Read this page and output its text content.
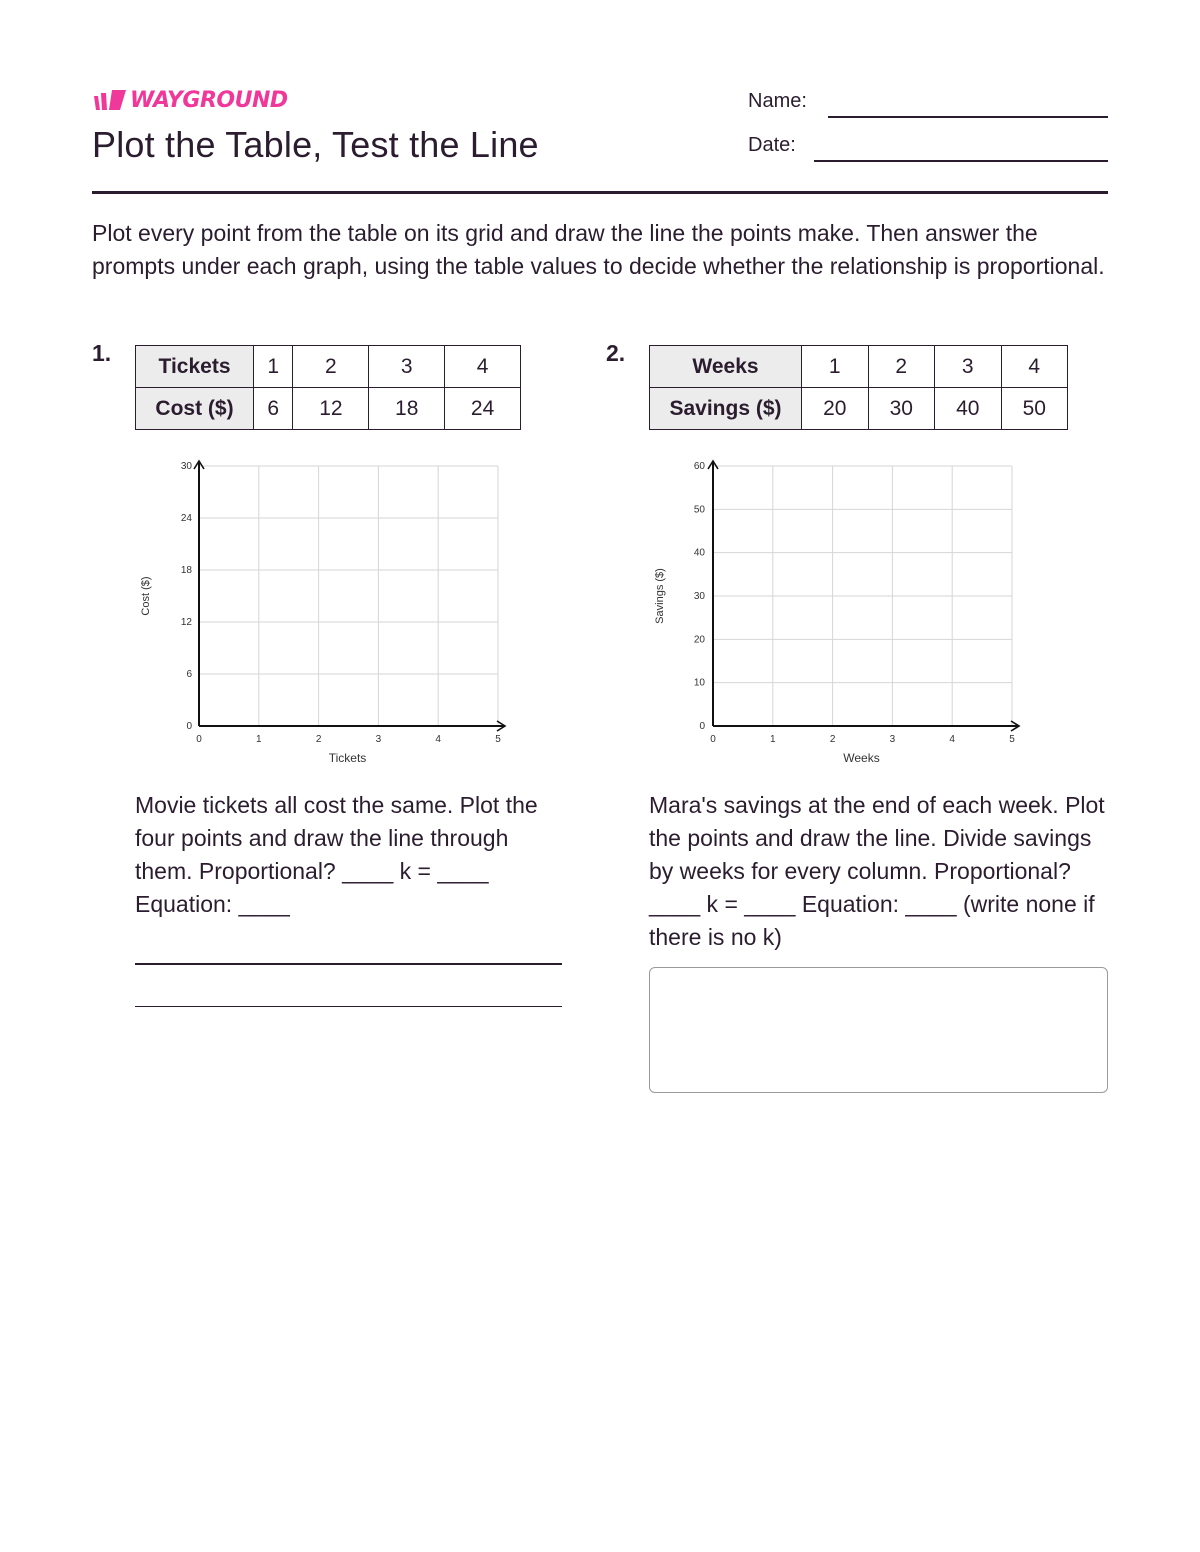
WAYGROUND
Plot the Table, Test the Line
Name:
Date:

Plot every point from the table on its grid and draw the line the points make. Then answer the prompts under each graph, using the table values to decide whether the relationship is proportional.

1. Tickets	1	2	3	4
Cost ($)	6	12	18	24
0	1	2	3	4	5
0
6
12
18
24
30
Tickets
Cost ($)

Movie tickets all cost the same. Plot the four points and draw the line through them. Proportional? ____ k = ____ Equation: ____

2.	Weeks	1	2	3	4
Savings ($)	20	30	40	50
0	1	2	3	4	5
0
10
20
30
40
50
60
Weeks
Savings ($)

Mara's savings at the end of each week. Plot the points and draw the line. Divide savings by weeks for every column. Proportional? ____ k = ____ Equation: ____ (write none if there is no k)
